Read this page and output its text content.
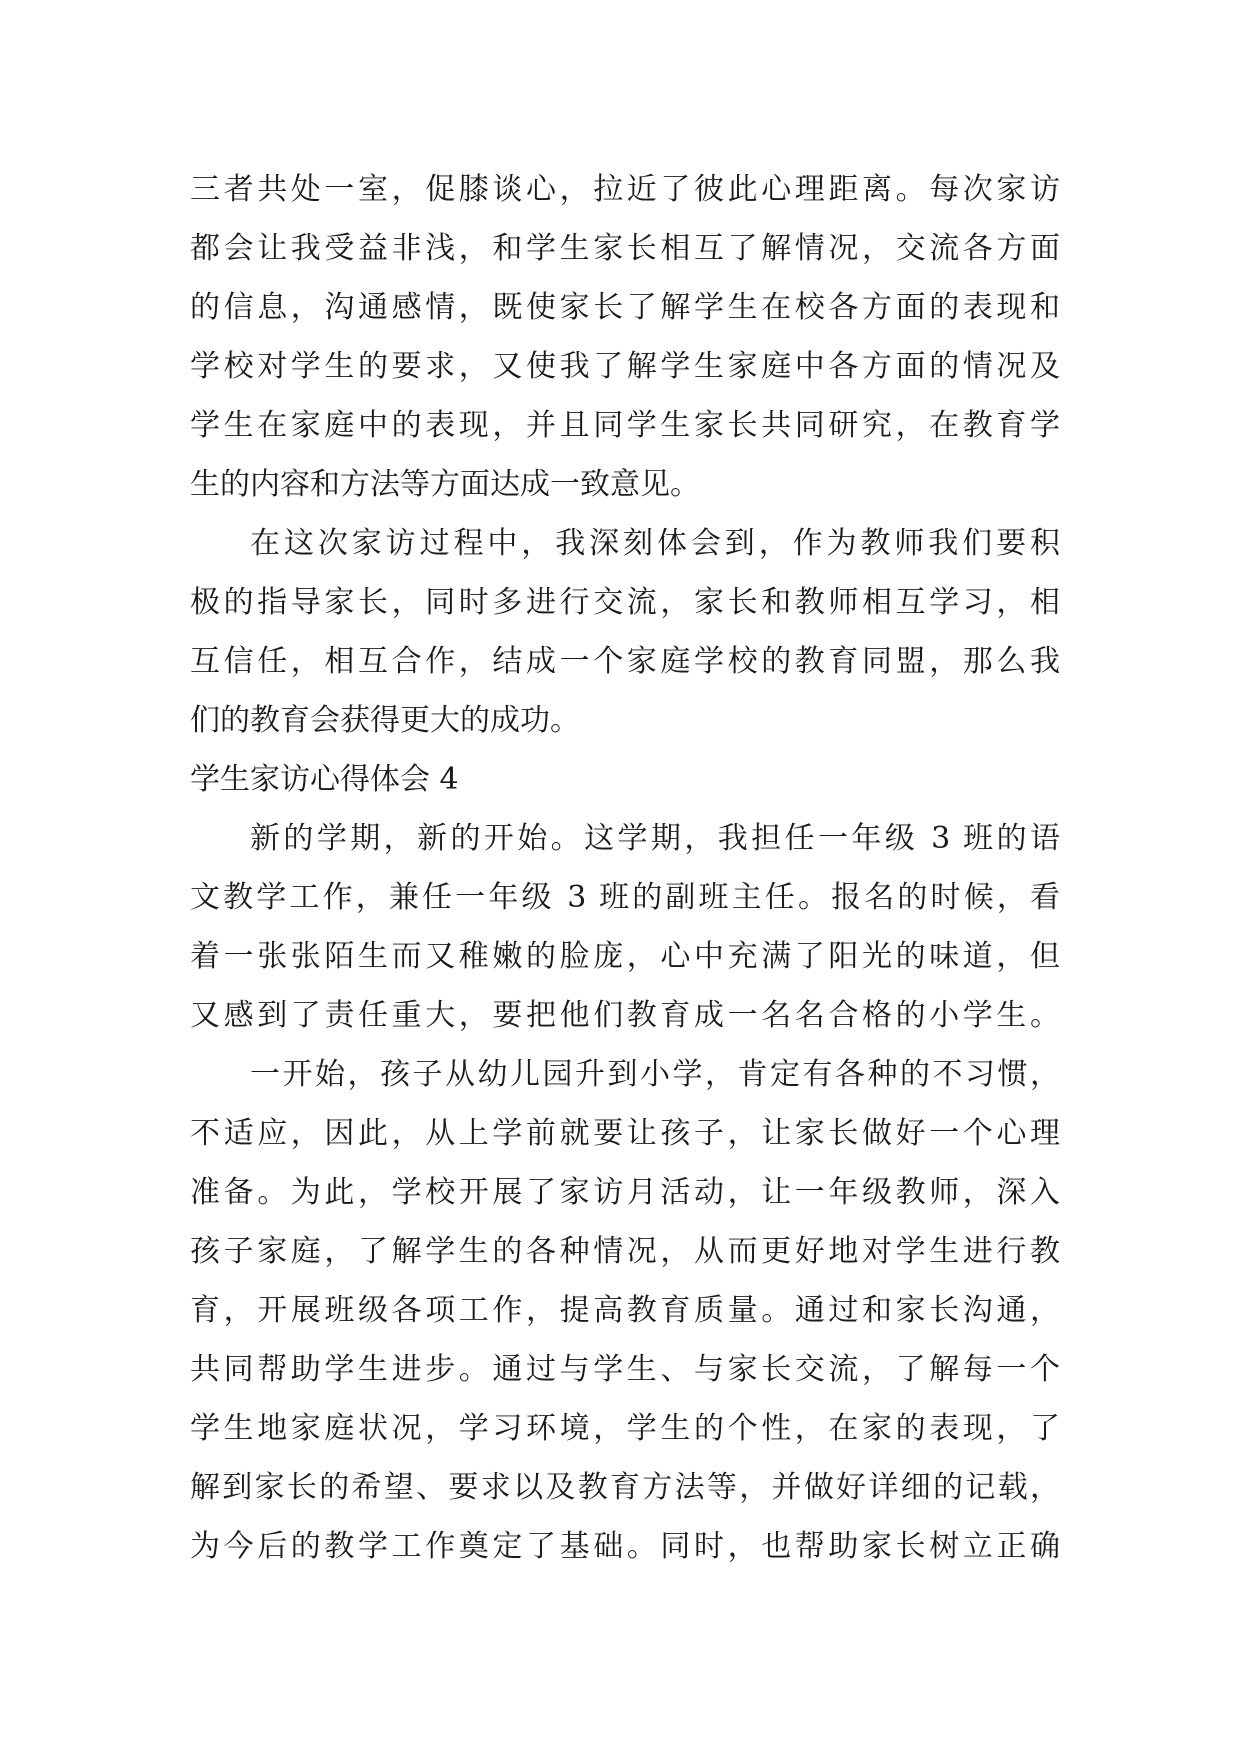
三者共处一室，促膝谈心，拉近了彼此心理距离。每次家访
都会让我受益非浅，和学生家长相互了解情况，交流各方面
的信息，沟通感情，既使家长了解学生在校各方面的表现和
学校对学生的要求，又使我了解学生家庭中各方面的情况及
学生在家庭中的表现，并且同学生家长共同研究，在教育学
生的内容和方法等方面达成一致意见。
在这次家访过程中，我深刻体会到，作为教师我们要积
极的指导家长，同时多进行交流，家长和教师相互学习，相
互信任，相互合作，结成一个家庭学校的教育同盟，那么我
们的教育会获得更大的成功。
学生家访心得体会 4
新的学期，新的开始。这学期，我担任一年级 3 班的语
文教学工作，兼任一年级 3 班的副班主任。报名的时候，看
着一张张陌生而又稚嫩的脸庞，心中充满了阳光的味道，但
又感到了责任重大，要把他们教育成一名名合格的小学生。
一开始，孩子从幼儿园升到小学，肯定有各种的不习惯，
不适应，因此，从上学前就要让孩子，让家长做好一个心理
准备。为此，学校开展了家访月活动，让一年级教师，深入
孩子家庭，了解学生的各种情况，从而更好地对学生进行教
育，开展班级各项工作，提高教育质量。通过和家长沟通，
共同帮助学生进步。通过与学生、与家长交流，了解每一个
学生地家庭状况，学习环境，学生的个性，在家的表现，了
解到家长的希望、要求以及教育方法等，并做好详细的记载，
为今后的教学工作奠定了基础。同时，也帮助家长树立正确
